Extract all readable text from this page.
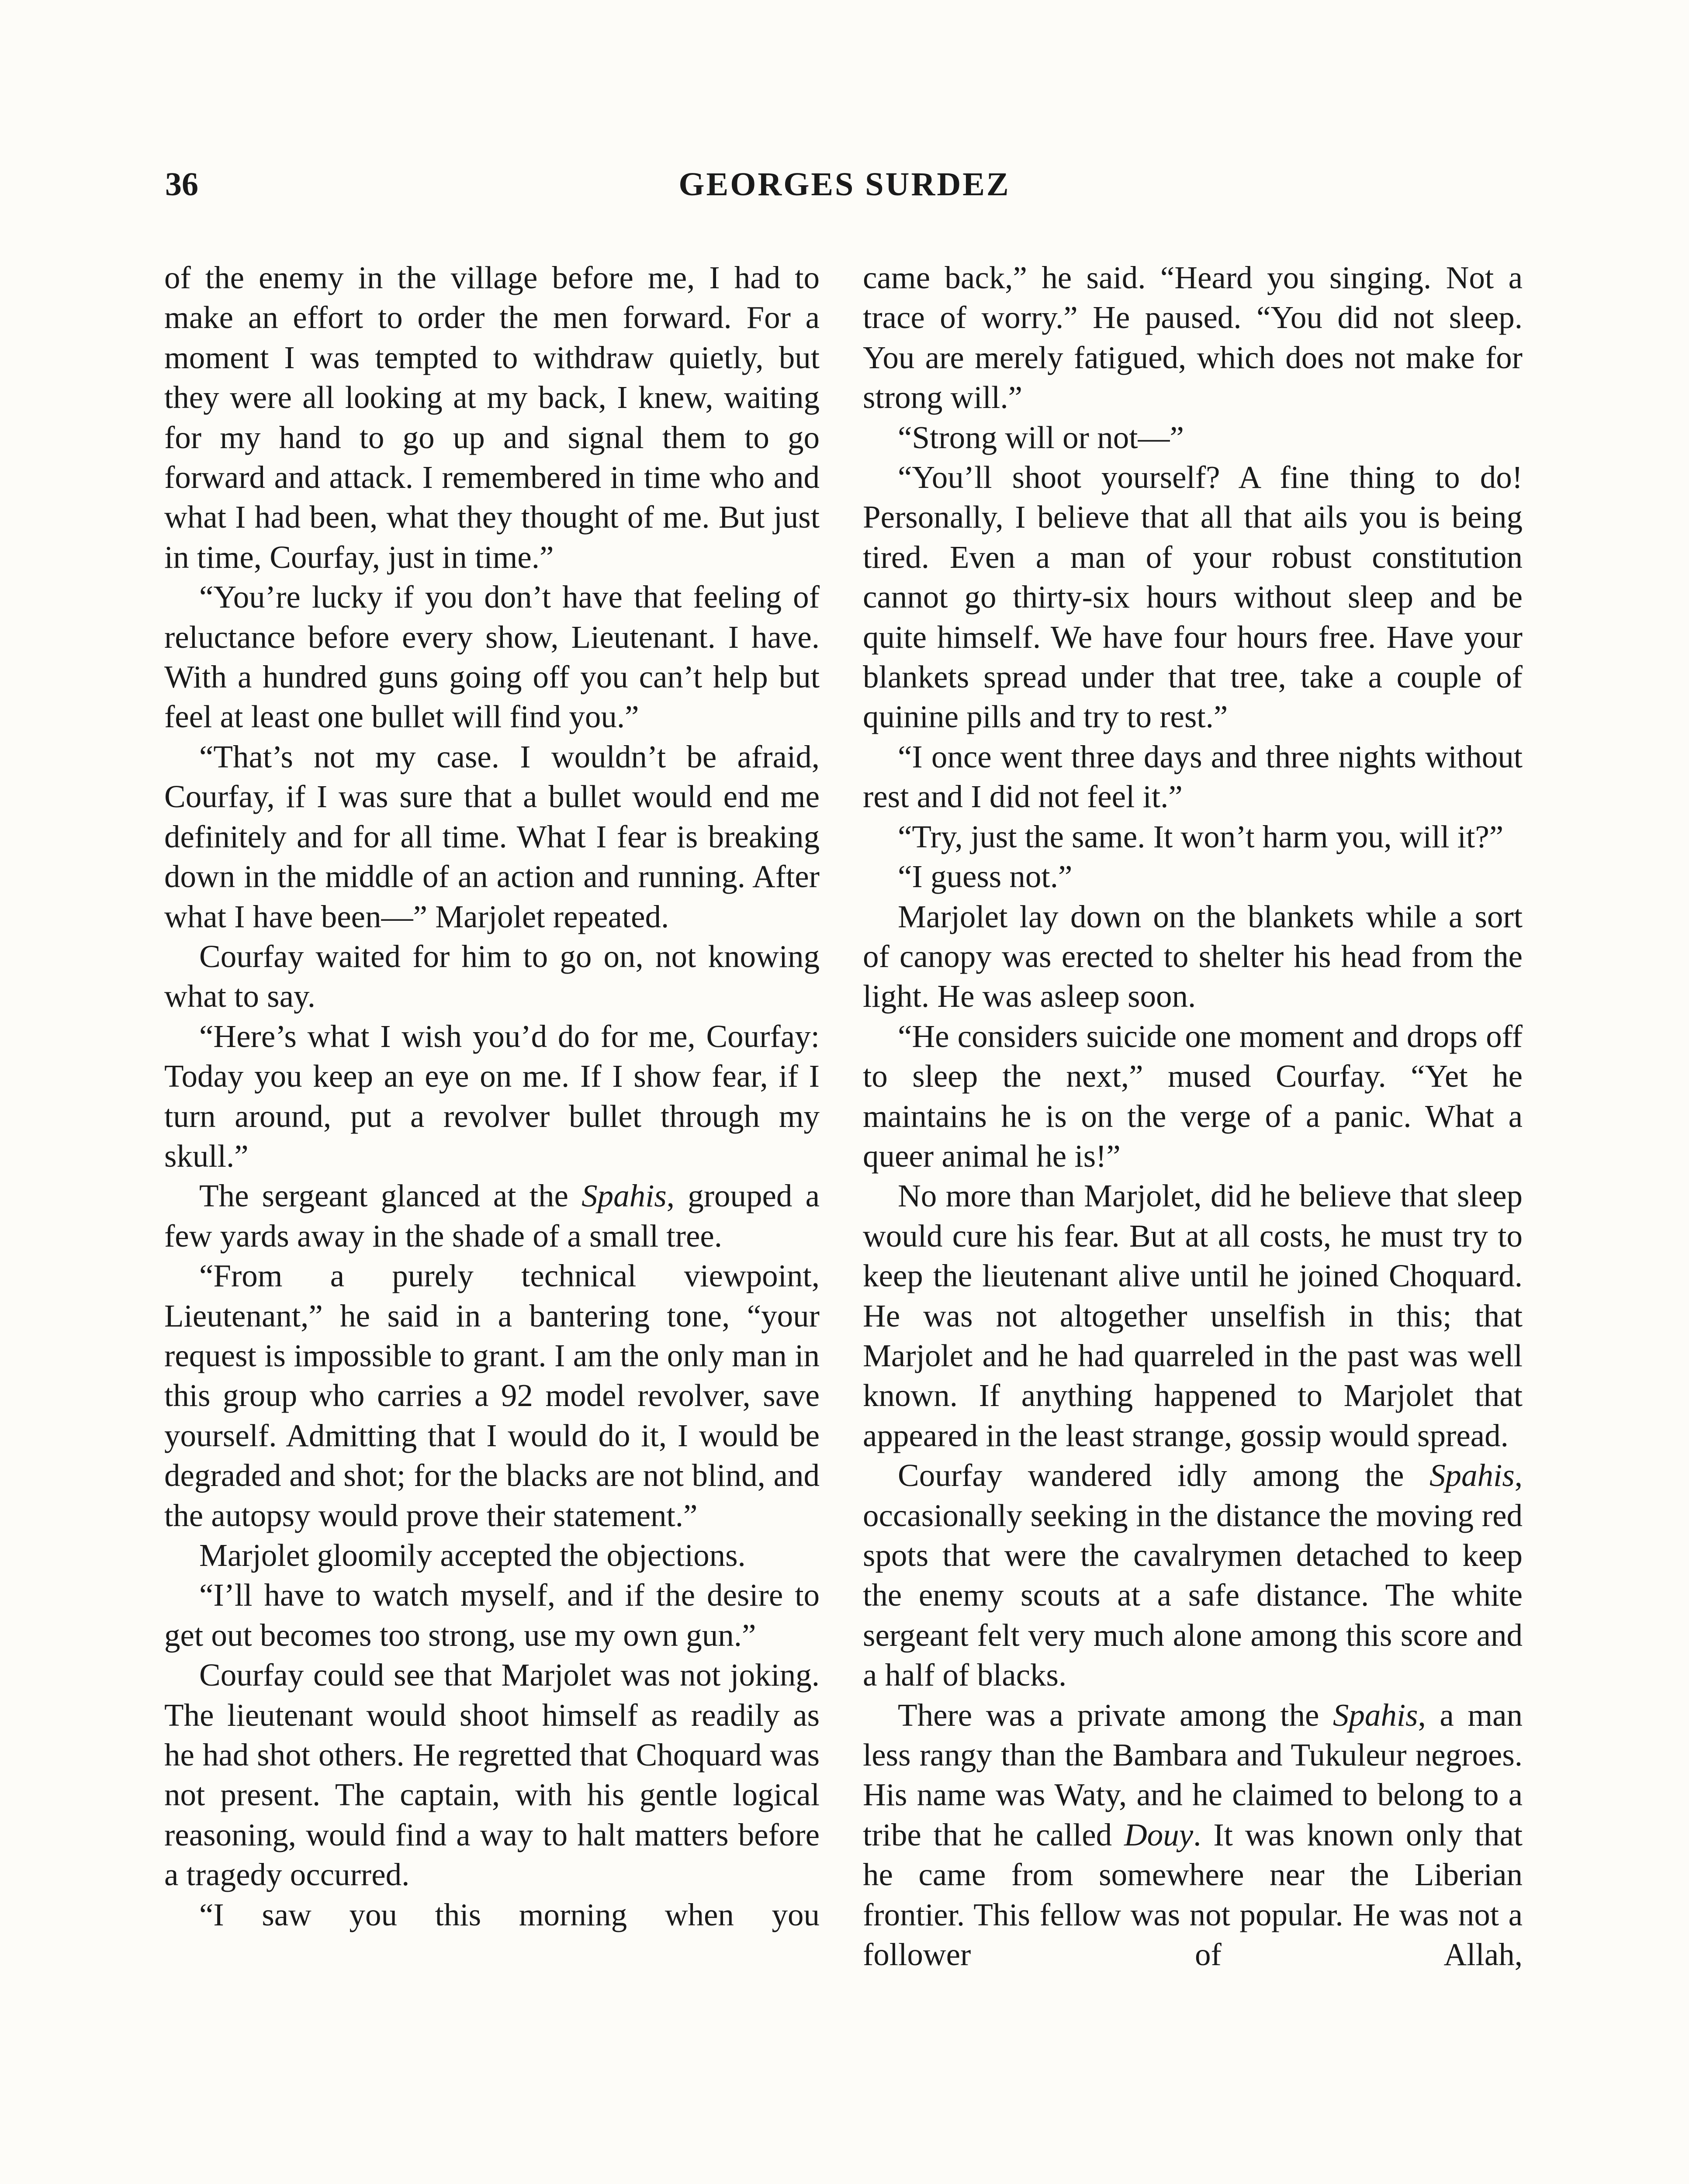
36	GEORGES SURDEZ

of the enemy in the village before me, I had to make an effort to order the men forward. For a moment I was tempted to withdraw quietly, but they were all looking at my back, I knew, waiting for my hand to go up and signal them to go forward and attack. I remembered in time who and what I had been, what they thought of me. But just in time, Courfay, just in time.”

“You’re lucky if you don’t have that feeling of reluctance before every show, Lieutenant. I have. With a hundred guns going off you can’t help but feel at least one bullet will find you.”

“That’s not my case. I wouldn’t be afraid, Courfay, if I was sure that a bullet would end me definitely and for all time. What I fear is breaking down in the middle of an action and running. After what I have been—” Marjolet repeated.

Courfay waited for him to go on, not knowing what to say.

“Here’s what I wish you’d do for me, Courfay: Today you keep an eye on me. If I show fear, if I turn around, put a revolver bullet through my skull.”

The sergeant glanced at the Spahis, grouped a few yards away in the shade of a small tree.

“From a purely technical viewpoint, Lieutenant,” he said in a bantering tone, “your request is impossible to grant. I am the only man in this group who carries a 92 model revolver, save yourself. Admitting that I would do it, I would be degraded and shot; for the blacks are not blind, and the autopsy would prove their statement.”

Marjolet gloomily accepted the objections.

“I’ll have to watch myself, and if the desire to get out becomes too strong, use my own gun.”

Courfay could see that Marjolet was not joking. The lieutenant would shoot himself as readily as he had shot others. He regretted that Choquard was not present. The captain, with his gentle logical reasoning, would find a way to halt matters before a tragedy occurred.

“I saw you this morning when you

came back,” he said. “Heard you singing. Not a trace of worry.” He paused. “You did not sleep. You are merely fatigued, which does not make for strong will.”

“Strong will or not—”

“You’ll shoot yourself? A fine thing to do! Personally, I believe that all that ails you is being tired. Even a man of your robust constitution cannot go thirty-six hours without sleep and be quite himself. We have four hours free. Have your blankets spread under that tree, take a couple of quinine pills and try to rest.”

“I once went three days and three nights without rest and I did not feel it.”

“Try, just the same. It won’t harm you, will it?”

“I guess not.”

Marjolet lay down on the blankets while a sort of canopy was erected to shelter his head from the light. He was asleep soon.

“He considers suicide one moment and drops off to sleep the next,” mused Courfay. “Yet he maintains he is on the verge of a panic. What a queer animal he is!”

No more than Marjolet, did he believe that sleep would cure his fear. But at all costs, he must try to keep the lieutenant alive until he joined Choquard. He was not altogether unselfish in this; that Marjolet and he had quarreled in the past was well known. If anything happened to Marjolet that appeared in the least strange, gossip would spread.

Courfay wandered idly among the Spahis, occasionally seeking in the distance the moving red spots that were the cavalrymen detached to keep the enemy scouts at a safe distance. The white sergeant felt very much alone among this score and a half of blacks.

There was a private among the Spahis, a man less rangy than the Bambara and Tukuleur negroes. His name was Waty, and he claimed to belong to a tribe that he called Douy. It was known only that he came from somewhere near the Liberian frontier. This fellow was not popular. He was not a follower of Allah,
